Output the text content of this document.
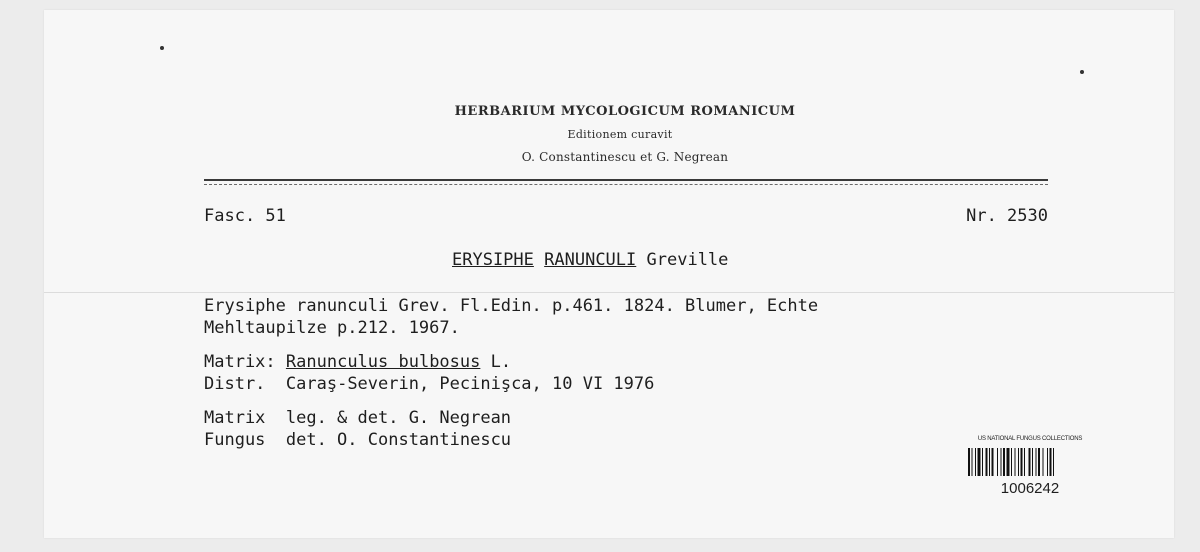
HERBARIUM MYCOLOGICUM ROMANICUM
Editionem curavit
O. Constantinescu et G. Negrean
Fasc. 51	Nr. 2530
ERYSIPHE RANUNCULI Greville
Erysiphe ranunculi Grev. Fl.Edin. p.461. 1824. Blumer, Echte
Mehltaupilze p.212. 1967.
Matrix: Ranunculus bulbosus L.
Distr. Caraş-Severin, Pecinişca, 10 VI 1976
Matrix  leg. & det. G. Negrean
Fungus  det. O. Constantinescu	US NATIONAL FUNGUS COLLECTIONS
1006242
